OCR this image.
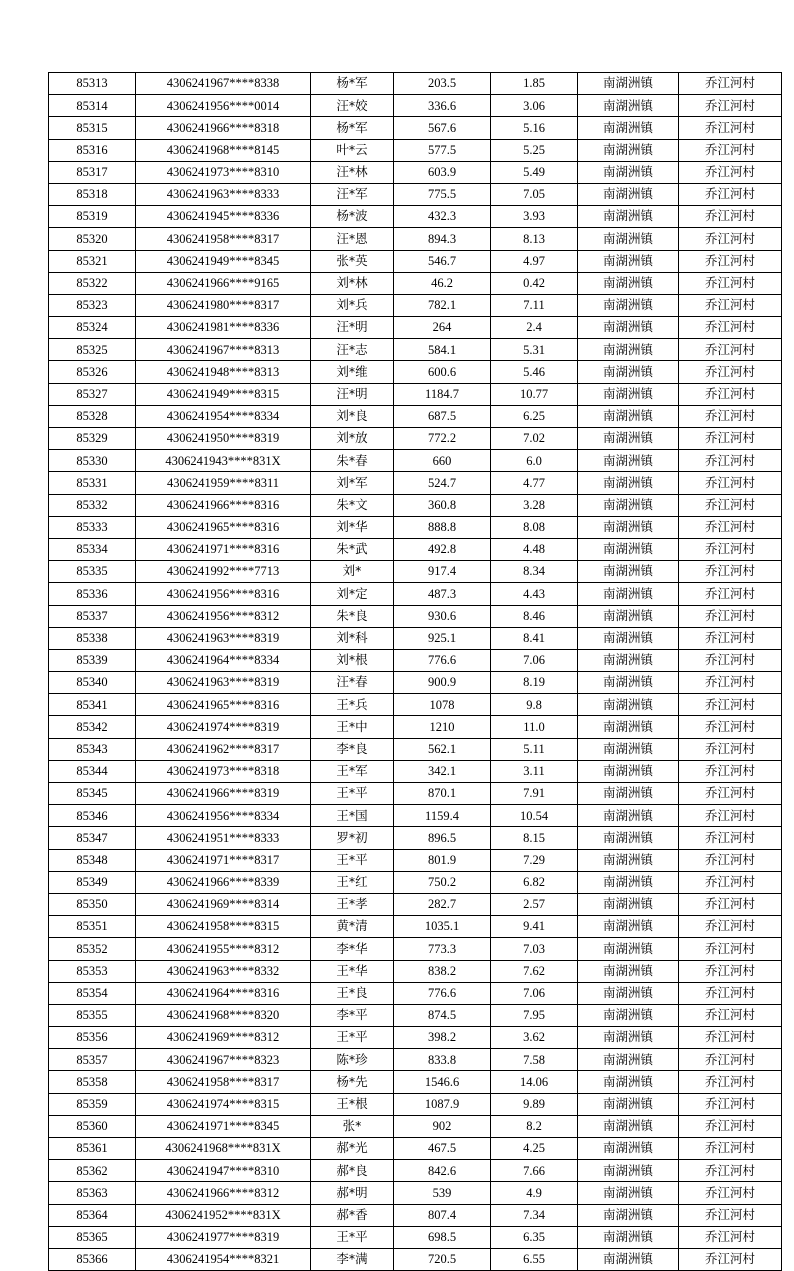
85313	4306241967****8338	杨*军	203.5	1.85	南湖洲镇	乔江河村
85314	4306241956****0014	汪*姣	336.6	3.06	南湖洲镇	乔江河村
85315	4306241966****8318	杨*军	567.6	5.16	南湖洲镇	乔江河村
85316	4306241968****8145	叶*云	577.5	5.25	南湖洲镇	乔江河村
85317	4306241973****8310	汪*林	603.9	5.49	南湖洲镇	乔江河村
85318	4306241963****8333	汪*军	775.5	7.05	南湖洲镇	乔江河村
85319	4306241945****8336	杨*波	432.3	3.93	南湖洲镇	乔江河村
85320	4306241958****8317	汪*恩	894.3	8.13	南湖洲镇	乔江河村
85321	4306241949****8345	张*英	546.7	4.97	南湖洲镇	乔江河村
85322	4306241966****9165	刘*林	46.2	0.42	南湖洲镇	乔江河村
85323	4306241980****8317	刘*兵	782.1	7.11	南湖洲镇	乔江河村
85324	4306241981****8336	汪*明	264	2.4	南湖洲镇	乔江河村
85325	4306241967****8313	汪*志	584.1	5.31	南湖洲镇	乔江河村
85326	4306241948****8313	刘*维	600.6	5.46	南湖洲镇	乔江河村
85327	4306241949****8315	汪*明	1184.7	10.77	南湖洲镇	乔江河村
85328	4306241954****8334	刘*良	687.5	6.25	南湖洲镇	乔江河村
85329	4306241950****8319	刘*放	772.2	7.02	南湖洲镇	乔江河村
85330	4306241943****831X	朱*春	660	6.0	南湖洲镇	乔江河村
85331	4306241959****8311	刘*军	524.7	4.77	南湖洲镇	乔江河村
85332	4306241966****8316	朱*文	360.8	3.28	南湖洲镇	乔江河村
85333	4306241965****8316	刘*华	888.8	8.08	南湖洲镇	乔江河村
85334	4306241971****8316	朱*武	492.8	4.48	南湖洲镇	乔江河村
85335	4306241992****7713	刘*	917.4	8.34	南湖洲镇	乔江河村
85336	4306241956****8316	刘*定	487.3	4.43	南湖洲镇	乔江河村
85337	4306241956****8312	朱*良	930.6	8.46	南湖洲镇	乔江河村
85338	4306241963****8319	刘*科	925.1	8.41	南湖洲镇	乔江河村
85339	4306241964****8334	刘*根	776.6	7.06	南湖洲镇	乔江河村
85340	4306241963****8319	汪*春	900.9	8.19	南湖洲镇	乔江河村
85341	4306241965****8316	王*兵	1078	9.8	南湖洲镇	乔江河村
85342	4306241974****8319	王*中	1210	11.0	南湖洲镇	乔江河村
85343	4306241962****8317	李*良	562.1	5.11	南湖洲镇	乔江河村
85344	4306241973****8318	王*军	342.1	3.11	南湖洲镇	乔江河村
85345	4306241966****8319	王*平	870.1	7.91	南湖洲镇	乔江河村
85346	4306241956****8334	王*国	1159.4	10.54	南湖洲镇	乔江河村
85347	4306241951****8333	罗*初	896.5	8.15	南湖洲镇	乔江河村
85348	4306241971****8317	王*平	801.9	7.29	南湖洲镇	乔江河村
85349	4306241966****8339	王*红	750.2	6.82	南湖洲镇	乔江河村
85350	4306241969****8314	王*孝	282.7	2.57	南湖洲镇	乔江河村
85351	4306241958****8315	黄*清	1035.1	9.41	南湖洲镇	乔江河村
85352	4306241955****8312	李*华	773.3	7.03	南湖洲镇	乔江河村
85353	4306241963****8332	王*华	838.2	7.62	南湖洲镇	乔江河村
85354	4306241964****8316	王*良	776.6	7.06	南湖洲镇	乔江河村
85355	4306241968****8320	李*平	874.5	7.95	南湖洲镇	乔江河村
85356	4306241969****8312	王*平	398.2	3.62	南湖洲镇	乔江河村
85357	4306241967****8323	陈*珍	833.8	7.58	南湖洲镇	乔江河村
85358	4306241958****8317	杨*先	1546.6	14.06	南湖洲镇	乔江河村
85359	4306241974****8315	王*根	1087.9	9.89	南湖洲镇	乔江河村
85360	4306241971****8345	张*	902	8.2	南湖洲镇	乔江河村
85361	4306241968****831X	郝*光	467.5	4.25	南湖洲镇	乔江河村
85362	4306241947****8310	郝*良	842.6	7.66	南湖洲镇	乔江河村
85363	4306241966****8312	郝*明	539	4.9	南湖洲镇	乔江河村
85364	4306241952****831X	郝*香	807.4	7.34	南湖洲镇	乔江河村
85365	4306241977****8319	王*平	698.5	6.35	南湖洲镇	乔江河村
85366	4306241954****8321	李*满	720.5	6.55	南湖洲镇	乔江河村
